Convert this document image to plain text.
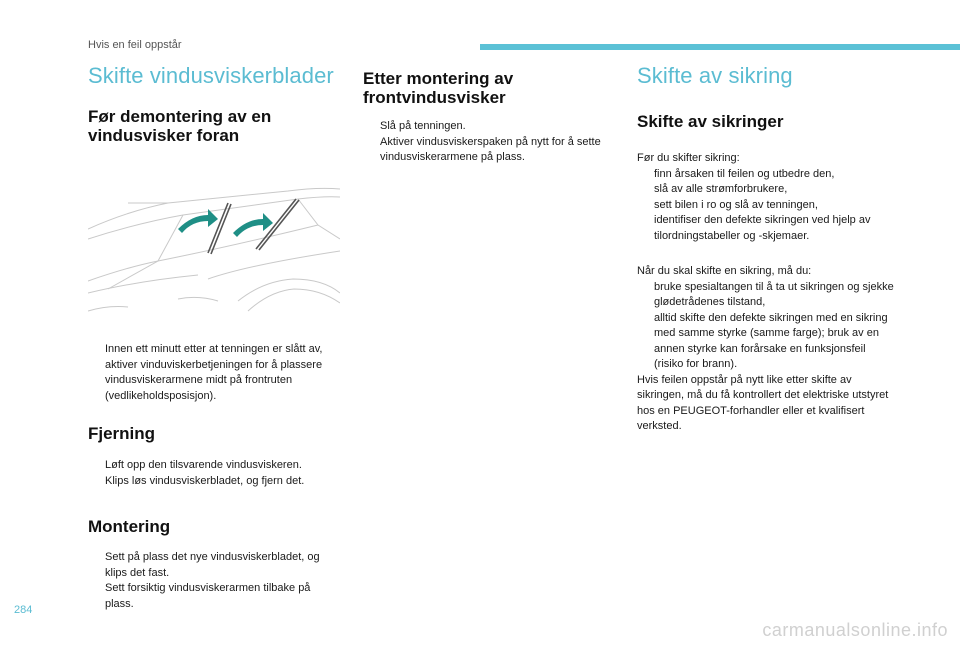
Hvis en feil oppstår
Skifte vindusviskerblader
Før demontering av en vindusvisker foran
Innen ett minutt etter at tenningen er slått av, aktiver vinduviskerbetjeningen for å plassere vindusviskerarmene midt på frontruten (vedlikeholdsposisjon).
Fjerning
Løft opp den tilsvarende vindusviskeren.
Klips løs vindusviskerbladet, og fjern det.
Montering
Sett på plass det nye vindusviskerbladet, og klips det fast.
Sett forsiktig vindusviskerarmen tilbake på plass.
Etter montering av frontvindusvisker
Slå på tenningen.
Aktiver vindusviskerspaken på nytt for å sette vindusviskerarmene på plass.
Skifte av sikring
Skifte av sikringer

Før du skifter sikring:

finn årsaken til feilen og utbedre den,
slå av alle strømforbrukere,
sett bilen i ro og slå av tenningen,
identifiser den defekte sikringen ved hjelp av tilordningstabeller og -skjemaer.

Når du skal skifte en sikring, må du:

bruke spesialtangen til å ta ut sikringen og sjekke glødetrådenes tilstand,
alltid skifte den defekte sikringen med en sikring med samme styrke (samme farge); bruk av en annen styrke kan forårsake en funksjonsfeil (risiko for brann).

Hvis feilen oppstår på nytt like etter skifte av sikringen, må du få kontrollert det elektriske utstyret hos en PEUGEOT-forhandler eller et kvalifisert verksted.

284
carmanualsonline.info
